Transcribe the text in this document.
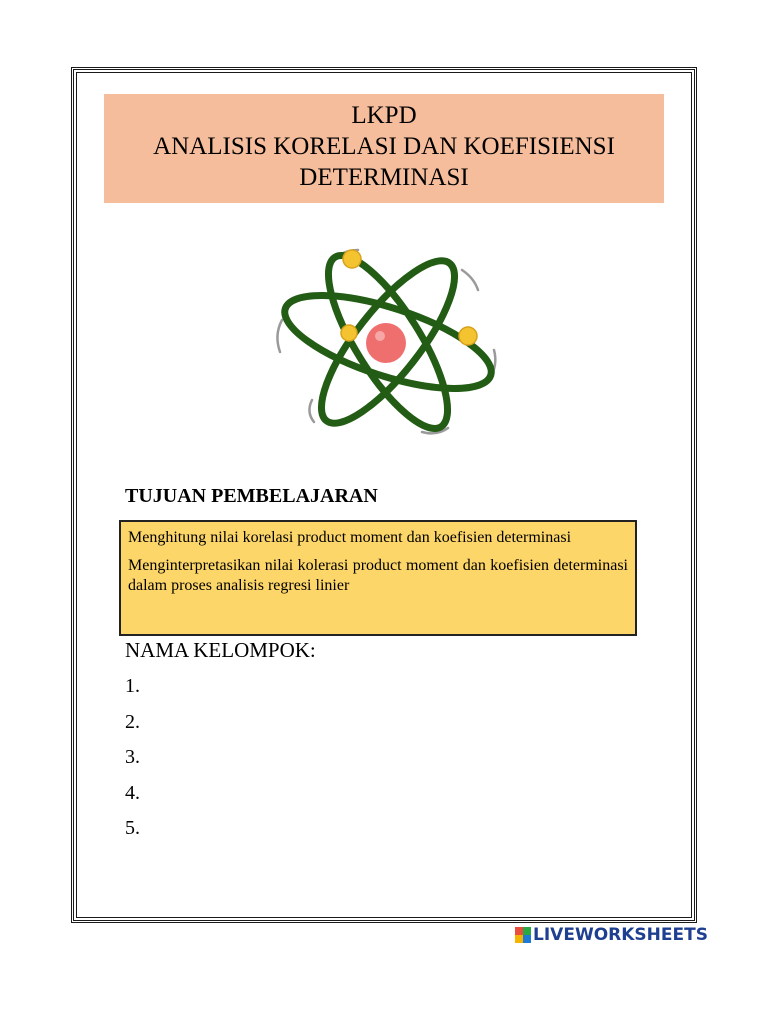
LKPD
ANALISIS KORELASI DAN KOEFISIENSI
DETERMINASI
TUJUAN PEMBELAJARAN

Menghitung nilai korelasi product moment dan koefisien determinasi

Menginterpretasikan nilai kolerasi product moment dan koefisien determinasi dalam proses analisis regresi linier

NAMA KELOMPOK:
1.
2.
3.
4.
5.
LIVEWORKSHEETS
